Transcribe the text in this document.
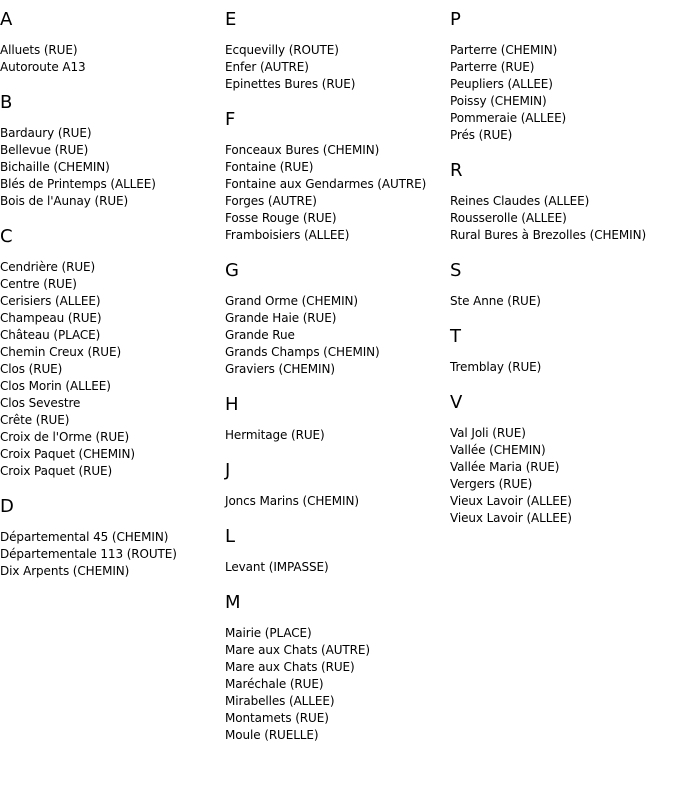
A
Alluets (RUE)
Autoroute A13
B
Bardaury (RUE)
Bellevue (RUE)
Bichaille (CHEMIN)
Blés de Printemps (ALLEE)
Bois de l'Aunay (RUE)
C
Cendrière (RUE)
Centre (RUE)
Cerisiers (ALLEE)
Champeau (RUE)
Château (PLACE)
Chemin Creux (RUE)
Clos (RUE)
Clos Morin (ALLEE)
Clos Sevestre
Crête (RUE)
Croix de l'Orme (RUE)
Croix Paquet (CHEMIN)
Croix Paquet (RUE)
D
Départemental 45 (CHEMIN)
Départementale 113 (ROUTE)
Dix Arpents (CHEMIN)
E
Ecquevilly (ROUTE)
Enfer (AUTRE)
Epinettes Bures (RUE)
F
Fonceaux Bures (CHEMIN)
Fontaine (RUE)
Fontaine aux Gendarmes (AUTRE)
Forges (AUTRE)
Fosse Rouge (RUE)
Framboisiers (ALLEE)
G
Grand Orme (CHEMIN)
Grande Haie (RUE)
Grande Rue
Grands Champs (CHEMIN)
Graviers (CHEMIN)
H
Hermitage (RUE)
J
Joncs Marins (CHEMIN)
L
Levant (IMPASSE)
M
Mairie (PLACE)
Mare aux Chats (AUTRE)
Mare aux Chats (RUE)
Maréchale (RUE)
Mirabelles (ALLEE)
Montamets (RUE)
Moule (RUELLE)
P
Parterre (CHEMIN)
Parterre (RUE)
Peupliers (ALLEE)
Poissy (CHEMIN)
Pommeraie (ALLEE)
Prés (RUE)
R
Reines Claudes (ALLEE)
Rousserolle (ALLEE)
Rural Bures à Brezolles (CHEMIN)
S
Ste Anne (RUE)
T
Tremblay (RUE)
V
Val Joli (RUE)
Vallée (CHEMIN)
Vallée Maria (RUE)
Vergers (RUE)
Vieux Lavoir (ALLEE)
Vieux Lavoir (ALLEE)
